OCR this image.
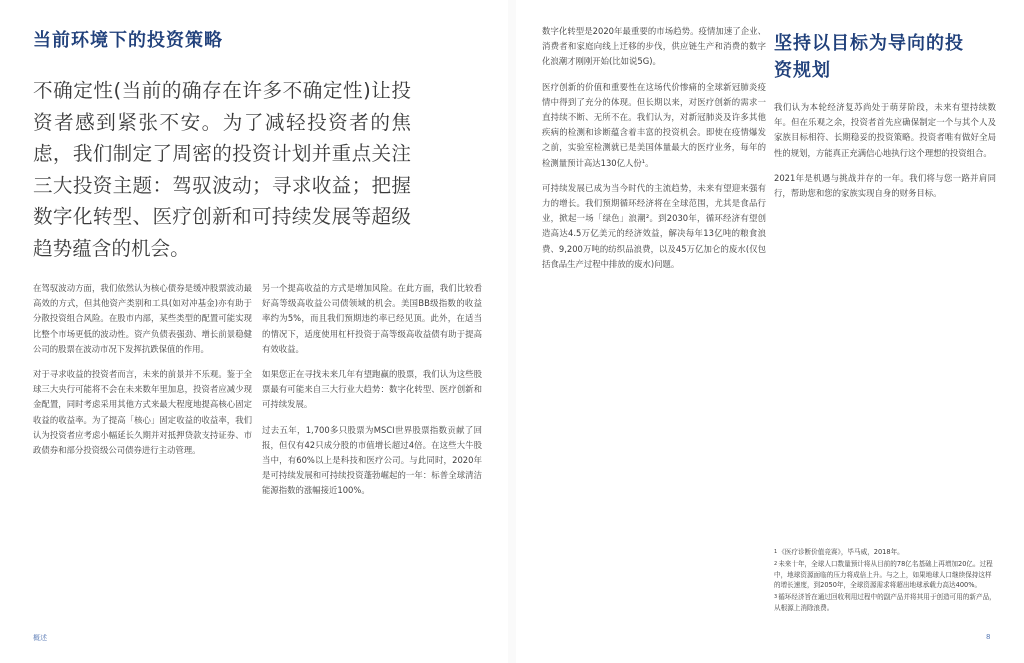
当前环境下的投资策略
不确定性(当前的确存在许多不确定性)让投资者感到紧张不安。为了减轻投资者的焦虑，我们制定了周密的投资计划并重点关注三大投资主题：驾驭波动；寻求收益；把握数字化转型、医疗创新和可持续发展等超级趋势蕴含的机会。

在驾驭波动方面，我们依然认为核心债券是缓冲股票波动最高效的方式，但其他资产类别和工具(如对冲基金)亦有助于分散投资组合风险。在股市内部，某些类型的配置可能实现比整个市场更低的波动性。资产负债表强劲、增长前景稳健公司的股票在波动市况下发挥抗跌保值的作用。

对于寻求收益的投资者而言，未来的前景并不乐观。鉴于全球三大央行可能将不会在未来数年里加息，投资者应减少现金配置，同时考虑采用其他方式来最大程度地提高核心固定收益的收益率。为了提高「核心」固定收益的收益率，我们认为投资者应考虑小幅延长久期并对抵押贷款支持证券、市政债券和部分投资级公司债券进行主动管理。

另一个提高收益的方式是增加风险。在此方面，我们比较看好高等级高收益公司债领域的机会。美国BB级指数的收益率约为5%，而且我们预期违约率已经见顶。此外，在适当的情况下，适度使用杠杆投资于高等级高收益债有助于提高有效收益。

如果您正在寻找未来几年有望跑赢的股票，我们认为这些股票最有可能来自三大行业大趋势：数字化转型、医疗创新和可持续发展。

过去五年，1,700多只股票为MSCI世界股票指数贡献了回报，但仅有42只成分股的市值增长超过4倍。在这些大牛股当中，有60%以上是科技和医疗公司。与此同时，2020年是可持续发展和可持续投资蓬勃崛起的一年：标普全球清洁能源指数的涨幅接近100%。

概述

数字化转型是2020年最重要的市场趋势。疫情加速了企业、消费者和家庭向线上迁移的步伐，供应链生产和消费的数字化浪潮才刚刚开始(比如说5G)。

医疗创新的价值和重要性在这场代价惨痛的全球新冠肺炎疫情中得到了充分的体现。但长期以来，对医疗创新的需求一直持续不断、无所不在。我们认为，对新冠肺炎及许多其他疾病的检测和诊断蕴含着丰富的投资机会。即使在疫情爆发之前，实验室检测就已是美国体量最大的医疗业务，每年的检测量预计高达130亿人份¹。

可持续发展已成为当今时代的主流趋势，未来有望迎来强有力的增长。我们预期循环经济将在全球范围，尤其是食品行业，掀起一场「绿色」浪潮²。到2030年，循环经济有望创造高达4.5万亿美元的经济效益，解决每年13亿吨的粮食浪费、9,200万吨的纺织品浪费，以及45万亿加仑的废水(仅包括食品生产过程中排放的废水)问题。

坚持以目标为导向的投资规划

我们认为本轮经济复苏尚处于萌芽阶段，未来有望持续数年。但在乐观之余，投资者首先应确保制定一个与其个人及家族目标相符、长期稳妥的投资策略。投资者唯有做好全局性的规划，方能真正充满信心地执行这个理想的投资组合。

2021年是机遇与挑战并存的一年。我们将与您一路并肩同行，帮助您和您的家族实现自身的财务目标。

$^1$《医疗诊断价值竞赛》，毕马威，2018年。
$^2$未来十年，全球人口数量预计将从目前的78亿名基础上再增加20亿。过程中，地球资源面临的压力将成倍上升。与之上，如果地球人口继续保持这样的增长速度，到2050年，全球资源需求将超出地球承载力高达400%。
$^3$循环经济旨在通过回收利用过程中的副产品并将其用于创造可用的新产品，从根源上消除浪费。
8
